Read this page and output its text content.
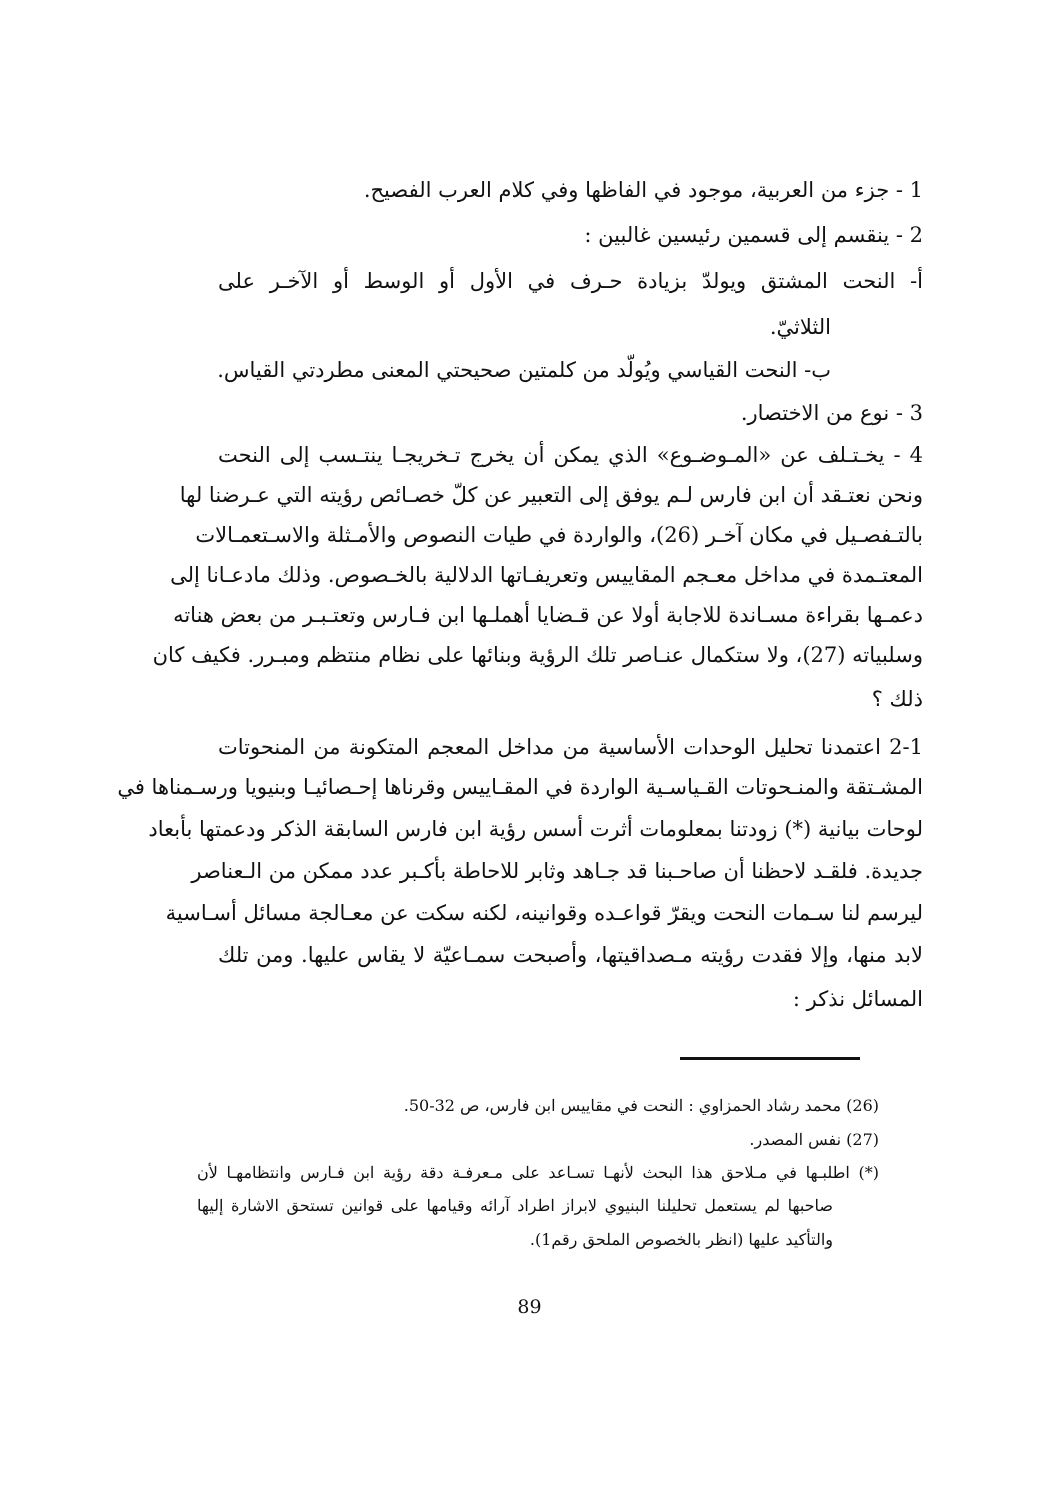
1 - جزء من العربية، موجود في الفاظها وفي كلام العرب الفصيح.
2 - ينقسم إلى قسمين رئيسين غالبين :
أ- النحت المشتق ويولدّ بزيادة حـرف في الأول أو الوسط أو الآخـر على
الثلاثيّ.
ب- النحت القياسي ويُولّد من كلمتين صحيحتي المعنى مطردتي القياس.
3 - نوع من الاختصار.
4 - يخـتـلف عن «المـوضـوع» الذي يمكن أن يخرج تـخريجـا ينتـسب إلى النحت
ونحن نعتـقد أن ابن فارس لـم يوفق إلى التعبير عن كلّ خصـائص رؤيته التي عـرضنا لها
بالتـفصـيل في مكان آخـر (26)، والواردة في طيات النصوص والأمـثلة والاسـتعمـالات
المعتـمدة في مداخل معـجم المقاييس وتعريفـاتها الدلالية بالخـصوص. وذلك مادعـانا إلى
دعمـها بقراءة مسـاندة للاجابة أولا عن قـضايا أهملـها ابن فـارس وتعتـبـر من بعض هناته
وسلبياته (27)، ولا ستكمال عنـاصر تلك الرؤية وبنائها على نظام منتظم ومبـرر. فكيف كان
ذلك ؟
2-1 اعتمدنا تحليل الوحدات الأساسية من مداخل المعجم المتكونة من المنحوتات
المشـتقة والمنـحوتات القـياسـية الواردة في المقـاييس وقرناها إحـصائيـا وبنيويا ورسـمناها في
لوحات بيانية (*) زودتنا بمعلومات أثرت أسس رؤية ابن فارس السابقة الذكر ودعمتها بأبعاد
جديدة. فلقـد لاحظنا أن صاحـبنا قد جـاهد وثابر للاحاطة بأكـبر عدد ممكن من الـعناصر
ليرسم لنا سـمات النحت ويقرّ قواعـده وقوانينه، لكنه سكت عن معـالجة مسائل أسـاسية
لابد منها، وإلا فقدت رؤيته مـصداقيتها، وأصبحت سمـاعيّة لا يقاس عليها. ومن تلك
المسائل نذكر :
(26) محمد رشاد الحمزاوي : النحت في مقاييس ابن فارس، ص 32-50.
(27) نفس المصدر.
(*) اطلبـها في مـلاحق هذا البحث لأنهـا تسـاعد على مـعرفـة دقة رؤية ابن فـارس وانتظامهـا لأن
صاحبها لم يستعمل تحليلنا البنيوي لابراز اطراد آرائه وقيامها على قوانين تستحق الاشارة إليها
والتأكيد عليها (انظر بالخصوص الملحق رقم1).
89
